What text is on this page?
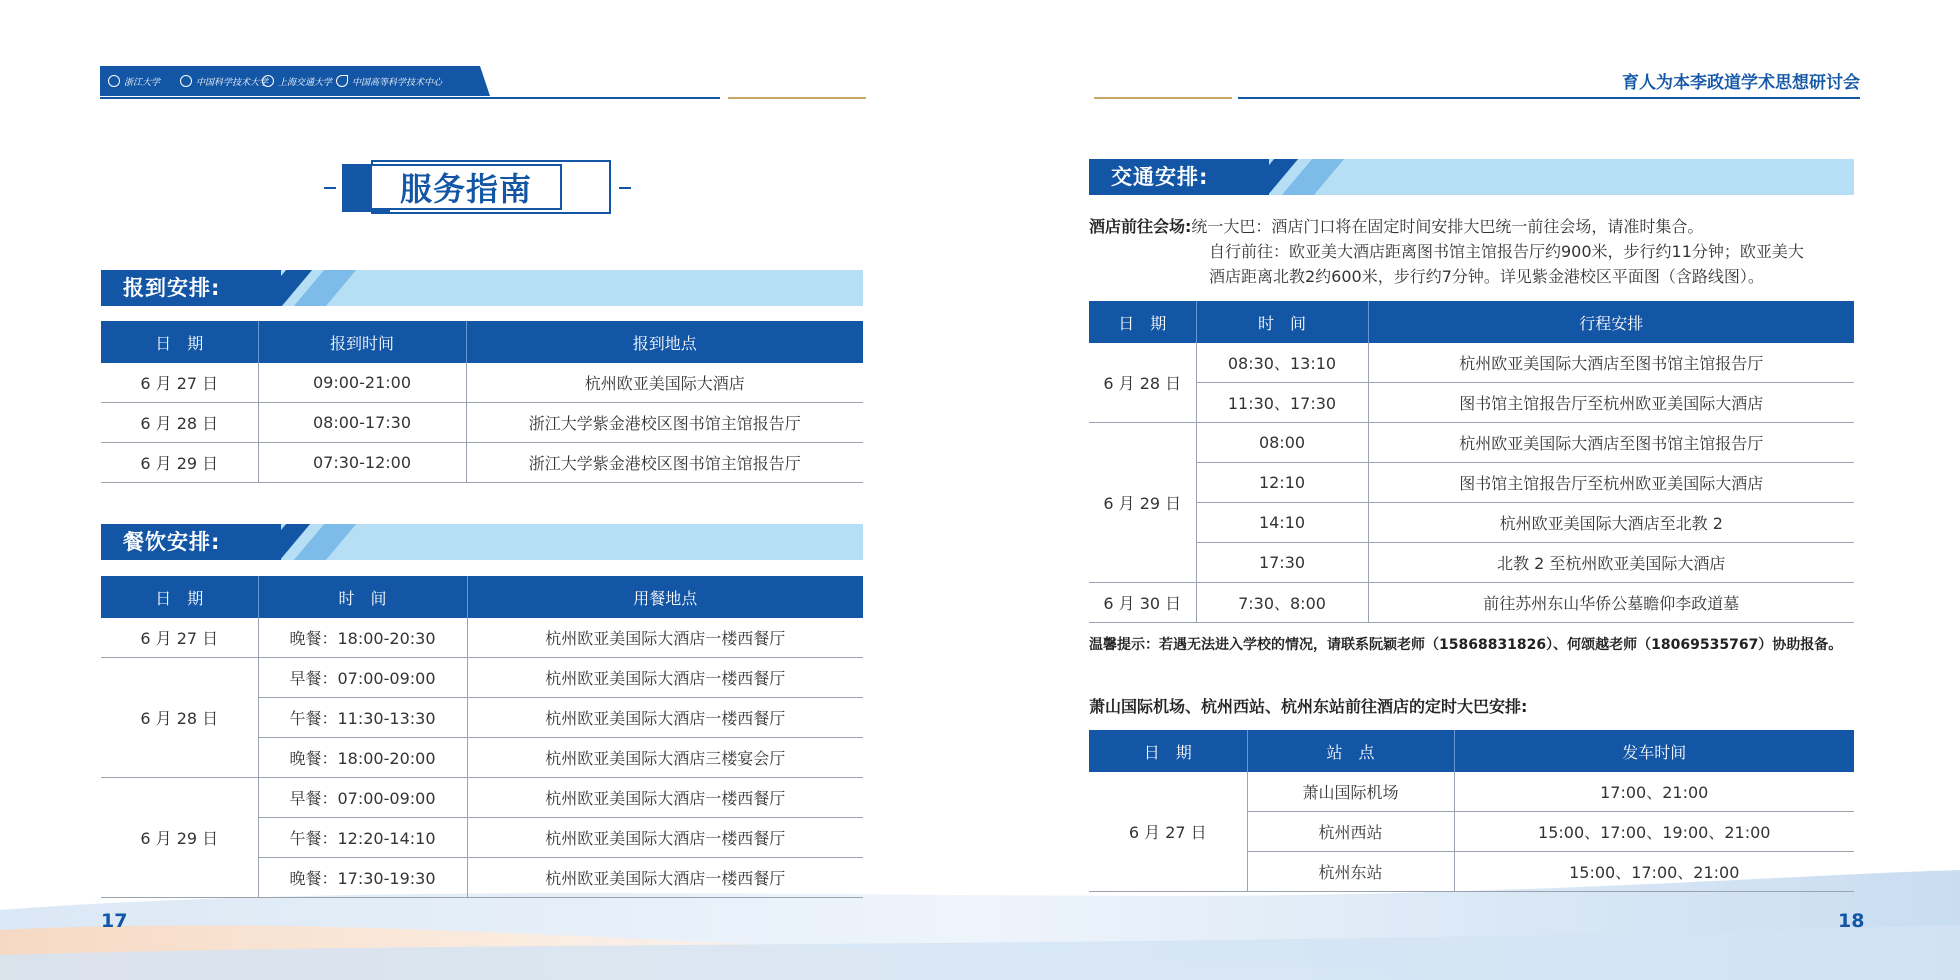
浙江大学	中国科学技术大学 上海交通大学 中国高等科学技术中心
服务指南
报到安排:
日　期	报到时间	报到地点
6 月 27 日	09:00-21:00	杭州欧亚美国际大酒店
6 月 28 日	08:00-17:30	浙江大学紫金港校区图书馆主馆报告厅
6 月 29 日	07:30-12:00	浙江大学紫金港校区图书馆主馆报告厅
餐饮安排:
日　期	时　间	用餐地点
6 月 27 日	晚餐：18:00-20:30	杭州欧亚美国际大酒店一楼西餐厅
6 月 28 日	早餐：07:00-09:00	杭州欧亚美国际大酒店一楼西餐厅
	午餐：11:30-13:30	杭州欧亚美国际大酒店一楼西餐厅
	晚餐：18:00-20:00	杭州欧亚美国际大酒店三楼宴会厅
6 月 29 日	早餐：07:00-09:00	杭州欧亚美国际大酒店一楼西餐厅
	午餐：12:20-14:10	杭州欧亚美国际大酒店一楼西餐厅
	晚餐：17:30-19:30	杭州欧亚美国际大酒店一楼西餐厅
17
育人为本李政道学术思想研讨会
交通安排:
酒店前往会场:统一大巴：酒店门口将在固定时间安排大巴统一前往会场，请准时集合。
自行前往：欧亚美大酒店距离图书馆主馆报告厅约900米，步行约11分钟；欧亚美大
酒店距离北教2约600米，步行约7分钟。详见紫金港校区平面图（含路线图）。
日　期	时　间	行程安排
6 月 28 日	08:30、13:10	杭州欧亚美国际大酒店至图书馆主馆报告厅
	11:30、17:30	图书馆主馆报告厅至杭州欧亚美国际大酒店
6 月 29 日	08:00	杭州欧亚美国际大酒店至图书馆主馆报告厅
	12:10	图书馆主馆报告厅至杭州欧亚美国际大酒店
	14:10	杭州欧亚美国际大酒店至北教 2
	17:30	北教 2 至杭州欧亚美国际大酒店
6 月 30 日	7:30、8:00	前往苏州东山华侨公墓瞻仰李政道墓
温馨提示：若遇无法进入学校的情况，请联系阮颖老师（15868831826）、何颂越老师（18069535767）协助报备。
萧山国际机场、杭州西站、杭州东站前往酒店的定时大巴安排:
日　期	站　点	发车时间
6 月 27 日	萧山国际机场	17:00、21:00
	杭州西站	15:00、17:00、19:00、21:00
	杭州东站	15:00、17:00、21:00
18
